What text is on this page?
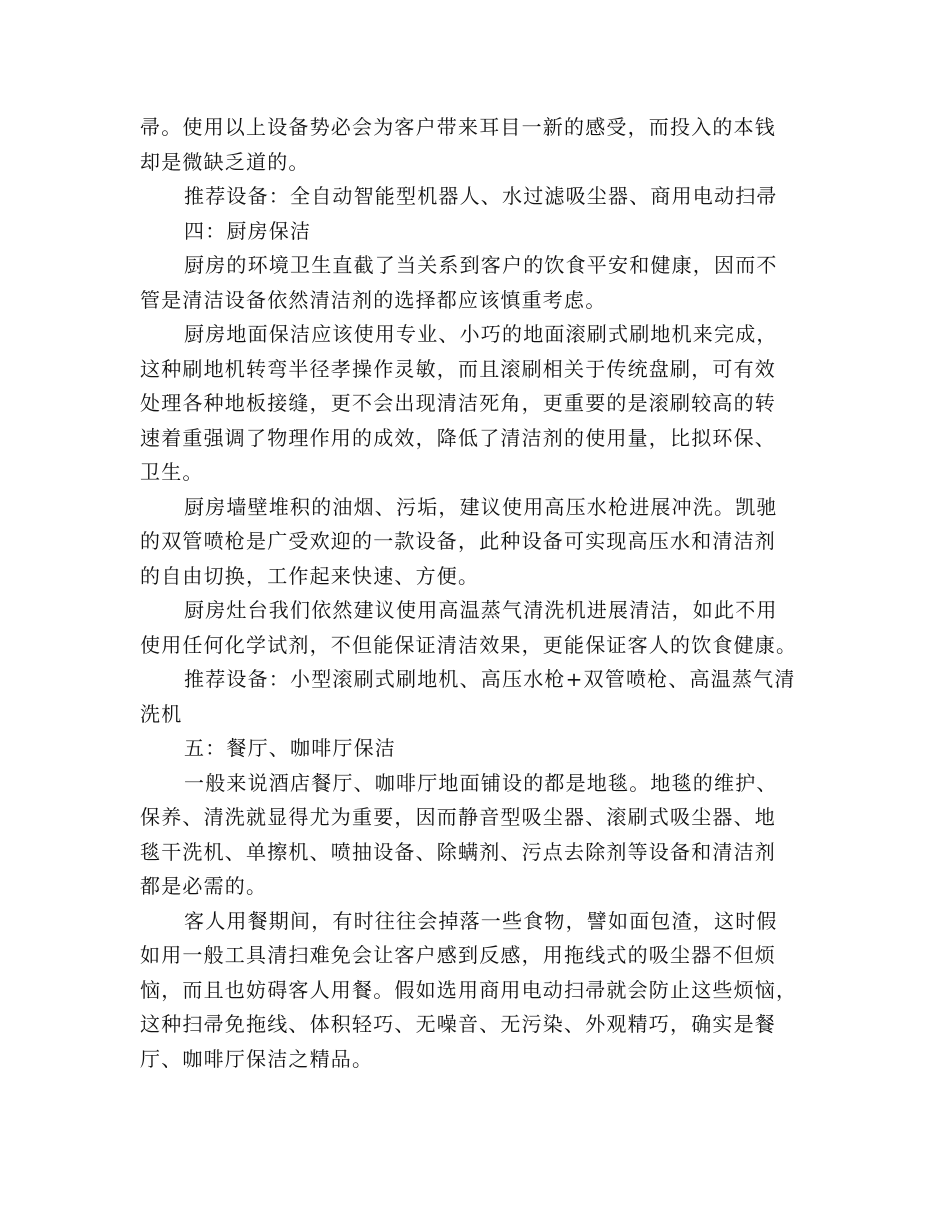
帚。使用以上设备势必会为客户带来耳目一新的感受，而投入的本钱
却是微缺乏道的。
推荐设备：全自动智能型机器人、水过滤吸尘器、商用电动扫帚
四：厨房保洁
厨房的环境卫生直截了当关系到客户的饮食平安和健康，因而不
管是清洁设备依然清洁剂的选择都应该慎重考虑。
厨房地面保洁应该使用专业、小巧的地面滚刷式刷地机来完成，
这种刷地机转弯半径孝操作灵敏，而且滚刷相关于传统盘刷，可有效
处理各种地板接缝，更不会出现清洁死角，更重要的是滚刷较高的转
速着重强调了物理作用的成效，降低了清洁剂的使用量，比拟环保、
卫生。
厨房墙壁堆积的油烟、污垢，建议使用高压水枪进展冲洗。凯驰
的双管喷枪是广受欢迎的一款设备，此种设备可实现高压水和清洁剂
的自由切换，工作起来快速、方便。
厨房灶台我们依然建议使用高温蒸气清洗机进展清洁，如此不用
使用任何化学试剂，不但能保证清洁效果，更能保证客人的饮食健康。
推荐设备：小型滚刷式刷地机、高压水枪+双管喷枪、高温蒸气清
洗机
五：餐厅、咖啡厅保洁
一般来说酒店餐厅、咖啡厅地面铺设的都是地毯。地毯的维护、
保养、清洗就显得尤为重要，因而静音型吸尘器、滚刷式吸尘器、地
毯干洗机、单擦机、喷抽设备、除螨剂、污点去除剂等设备和清洁剂
都是必需的。
客人用餐期间，有时往往会掉落一些食物，譬如面包渣，这时假
如用一般工具清扫难免会让客户感到反感，用拖线式的吸尘器不但烦
恼，而且也妨碍客人用餐。假如选用商用电动扫帚就会防止这些烦恼，
这种扫帚免拖线、体积轻巧、无噪音、无污染、外观精巧，确实是餐
厅、咖啡厅保洁之精品。
